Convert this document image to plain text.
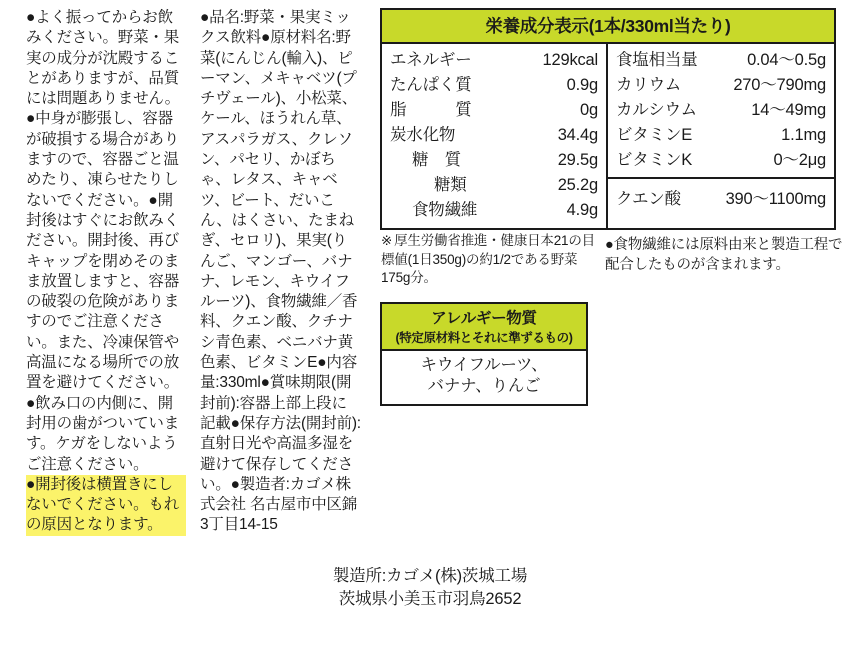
●よく振ってからお飲みください。野菜・果実の成分が沈殿することがありますが、品質には問題ありません。●中身が膨張し、容器が破損する場合がありますので、容器ごと温めたり、凍らせたりしないでください。●開封後はすぐにお飲みください。開封後、再びキャップを閉めそのまま放置しますと、容器の破裂の危険がありますのでご注意ください。また、冷凍保管や高温になる場所での放置を避けてください。●飲み口の内側に、開封用の歯がついています。ケガをしないようご注意ください。

●開封後は横置きにしないでください。もれの原因となります。

●品名:野菜・果実ミックス飲料●原材料名:野菜(にんじん(輸入)、ピーマン、メキャベツ(プチヴェール)、小松菜、ケール、ほうれん草、アスパラガス、クレソン、パセリ、かぼちゃ、レタス、キャベツ、ビート、だいこん、はくさい、たまねぎ、セロリ)、果実(りんご、マンゴー、バナナ、レモン、キウイフルーツ)、食物繊維／香料、クエン酸、クチナシ青色素、ベニバナ黄色素、ビタミンE●内容量:330ml●賞味期限(開封前):容器上部上段に記載●保存方法(開封前):直射日光や高温多湿を避けて保存してください。●製造者:カゴメ株式会社 名古屋市中区錦3丁目14-15

栄養成分表示(1本/330ml当たり)
エネルギー	129kcal
たんぱく質	0.9g
脂　　　質	0g
炭水化物	34.4g
糖　質	29.5g
糖類	25.2g
食物繊維	4.9g
食塩相当量	0.04〜0.5g
カリウム	270〜790mg
カルシウム	14〜49mg
ビタミンE	1.1mg
ビタミンK	0〜2μg
クエン酸	390〜1100mg
※ 厚生労働省推進・健康日本21の目標値(1日350g)の約1/2である野菜175g分。
●食物繊維には原料由来と製造工程で配合したものが含まれます。
アレルギー物質
(特定原材料とそれに準ずるもの)
キウイフルーツ、
バナナ、りんご
製造所:カゴメ(株)茨城工場
茨城県小美玉市羽鳥2652
